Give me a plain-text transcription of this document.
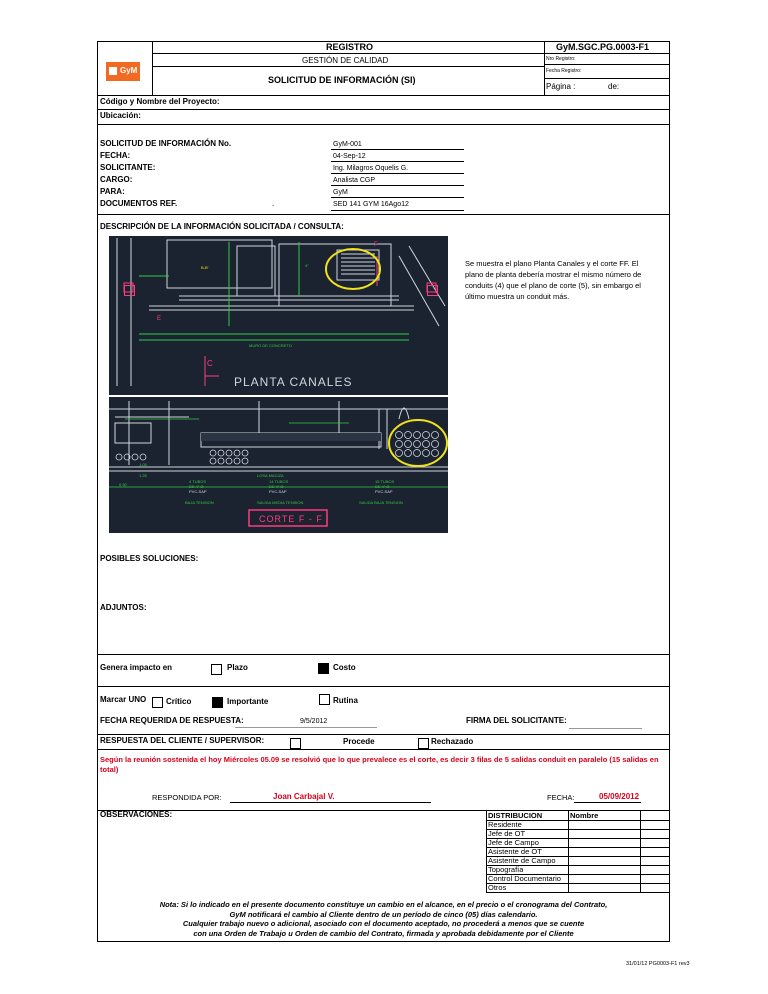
GyM
REGISTRO	GyM.SGC.PG.0003-F1
GESTIÓN DE CALIDAD
SOLICITUD DE INFORMACIÓN (SI)
Nro Registro:
Fecha Registro:
Página :	de:
Código y Nombre del Proyecto:
Ubicación:
SOLICITUD DE INFORMACIÓN No.	GyM-001
FECHA:	04-Sep-12
SOLICITANTE:	Ing. Milagros Oquelis G.
CARGO:	Analista CGP
PARA:	GyM
DOCUMENTOS REF.	.	SED 141 GYM 16Ago12
DESCRIPCIÓN DE LA INFORMACIÓN SOLICITADA / CONSULTA:
Se muestra el plano Planta Canales y el corte FF. El plano de planta debería mostrar el mismo número de conduits (4) que el plano de corte (5), sin embargo el último muestra un conduit más.
MURO DE CONCRETO
C
B-B'	4"
F
E
PLANTA CANALES
4 TUBOS
DE 4" Ø
PVC-SAP
BAJA TENSION
14 TUBOS
DE 4" Ø
PVC-SAP
SALIDA MEDIA TENSION
15 TUBOS
DE 4" Ø
PVC-SAP
SALIDA BAJA TENSION
LOSA MACIZA
1.25
1.05
0.30
CORTE F - F
POSIBLES SOLUCIONES:
ADJUNTOS:
Genera impacto en	Plazo	Costo
Marcar UNO Crítico	Importante	Rutina
FECHA REQUERIDA DE RESPUESTA:	9/5/2012	FIRMA DEL SOLICITANTE:
RESPUESTA DEL CLIENTE / SUPERVISOR:	Procede	Rechazado
Según la reunión sostenida el hoy Miércoles 05.09 se resolvió que lo que prevalece es el corte, es decir 3 filas de 5 salidas conduit en paralelo (15 salidas en total)
RESPONDIDA POR:	Joan Carbajal V.	FECHA:	05/09/2012
OBSERVACIONES:	DISTRIBUCION	Nombre
Residente
Jefe de OT
Jefe de Campo
Asistente de OT
Asistente de Campo
Topografía
Control Documentario
Otros
Nota: Si lo indicado en el presente documento constituye un cambio en el alcance, en el precio o el cronograma del Contrato,
GyM notificará el cambio al Cliente dentro de un período de cinco (05) días calendario.
Cualquier trabajo nuevo o adicional, asociado con el documento aceptado, no procederá a menos que se cuente
con una Orden de Trabajo u Orden de cambio del Contrato, firmada y aprobada debidamente por el Cliente
31/01/12 PG0003-F1 rev3
